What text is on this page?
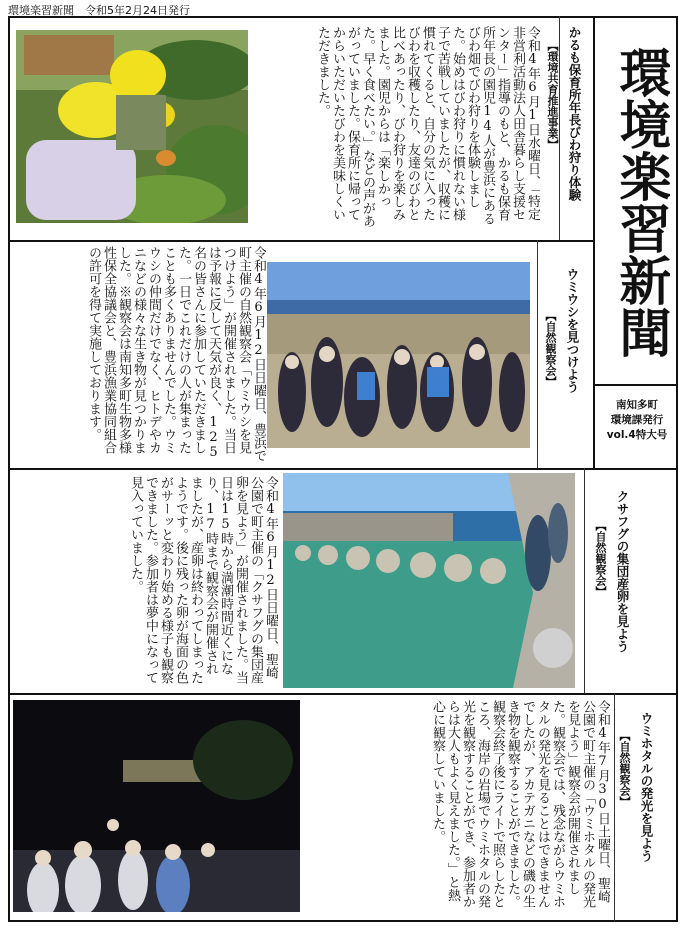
環境楽習新聞　令和5年2月24日発行
環境楽習新聞
南知多町
環境課発行
vol.4特大号
かるも保育所年長びわ狩り体験
【環境共育推進事業】
令和4年6月1日水曜日、「特定非営利活動法人田舎暮らし支援センター」指導のもと、かるも保育所年長の園児14人が豊浜にあるびわ畑でびわ狩りを体験しました。始めはびわ狩りに慣れない様子で苦戦していましたが、収穫に慣れてくると、自分の気に入ったびわを収穫したり、友達のびわと比べあったり、びわ狩りを楽しみました。園児からは「楽しかった。早く食べたい。」などの声があがっていました。保育所に帰ってからいただいたびわを美味しくいただきました。
ウミウシを見つけよう
【自然観察会】
令和4年6月12日日曜日、豊浜で町主催の自然観察会「ウミウシを見つけよう」が開催されました。当日は予報に反して天気が良く、125名の皆さんに参加していただきました。一日でこれだけの人が集まったことも多くありませんでした。ウミウシの仲間だけでなく、ヒトデやカニなどの様々な生き物が見つかりました。※観察会は南知多町生物多様性保全協議会と、豊浜漁業協同組合の許可を得て実施しております。
クサフグの集団産卵を見よう
【自然観察会】
令和4年6月12日日曜日、聖崎公園で町主催の「クサフグの集団産卵を見よう」が開催されました。当日は15時から満潮時間近くになり、17時まで観察会が開催されましたが、産卵は終わってしまったようです。後に残った卵が海面の色がサーッと変わり始める様子も観察できました。参加者は夢中になって見入っていました。
ウミホタルの発光を見よう
【自然観察会】
令和4年7月30日土曜日、聖崎公園で町主催の「ウミホタルの発光を見よう」観察会が開催されました。観察会では、残念ながらウミホタルの発光を見ることはできませんでしたが、アカテガニなどの磯の生き物を観察することができました。観察会終了後にライトで照らしたところ、海岸の岩場でウミホタルの発光を観察することができ、参加者からは大人もよく見えました。」と熱心に観察していました。
